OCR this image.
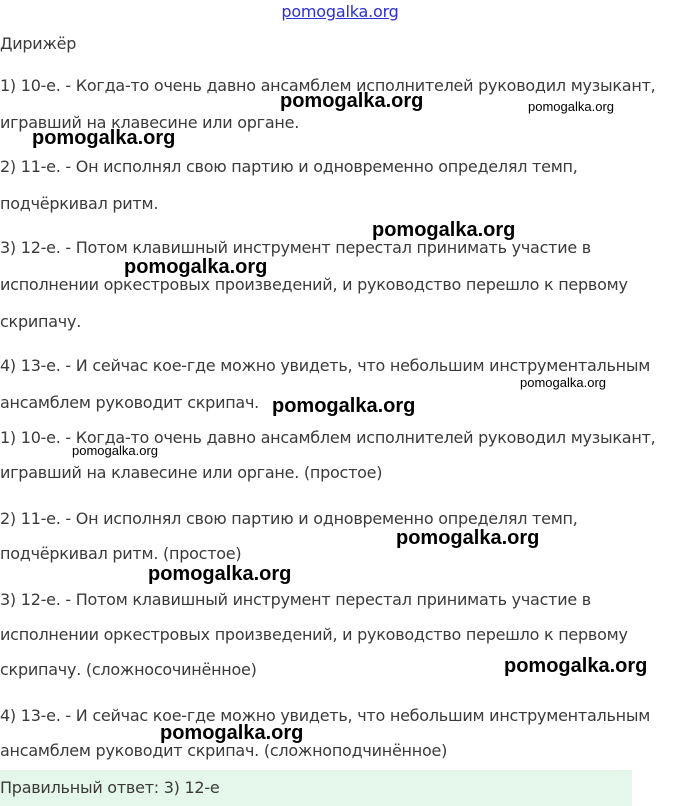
pomogalka.org
Дирижёр
1) 10-е. - Когда-то очень давно ансамблем исполнителей руководил музыкант,
игравший на клавесине или органе.
2) 11-е. - Он исполнял свою партию и одновременно определял темп,
подчёркивал ритм.
3) 12-е. - Потом клавишный инструмент перестал принимать участие в
исполнении оркестровых произведений, и руководство перешло к первому
скрипачу.
4) 13-е. - И сейчас кое-где можно увидеть, что небольшим инструментальным
ансамблем руководит скрипач.
1) 10-е. - Когда-то очень давно ансамблем исполнителей руководил музыкант,
игравший на клавесине или органе. (простое)
2) 11-е. - Он исполнял свою партию и одновременно определял темп,
подчёркивал ритм. (простое)
3) 12-е. - Потом клавишный инструмент перестал принимать участие в
исполнении оркестровых произведений, и руководство перешло к первому
скрипачу. (сложносочинённое)
4) 13-е. - И сейчас кое-где можно увидеть, что небольшим инструментальным
ансамблем руководит скрипач. (сложноподчинённое)
Правильный ответ: 3) 12-е
pomogalka.org	pomogalka.org
pomogalka.org
pomogalka.org
pomogalka.org
pomogalka.org
pomogalka.org
pomogalka.org
pomogalka.org
pomogalka.org
pomogalka.org
pomogalka.org
